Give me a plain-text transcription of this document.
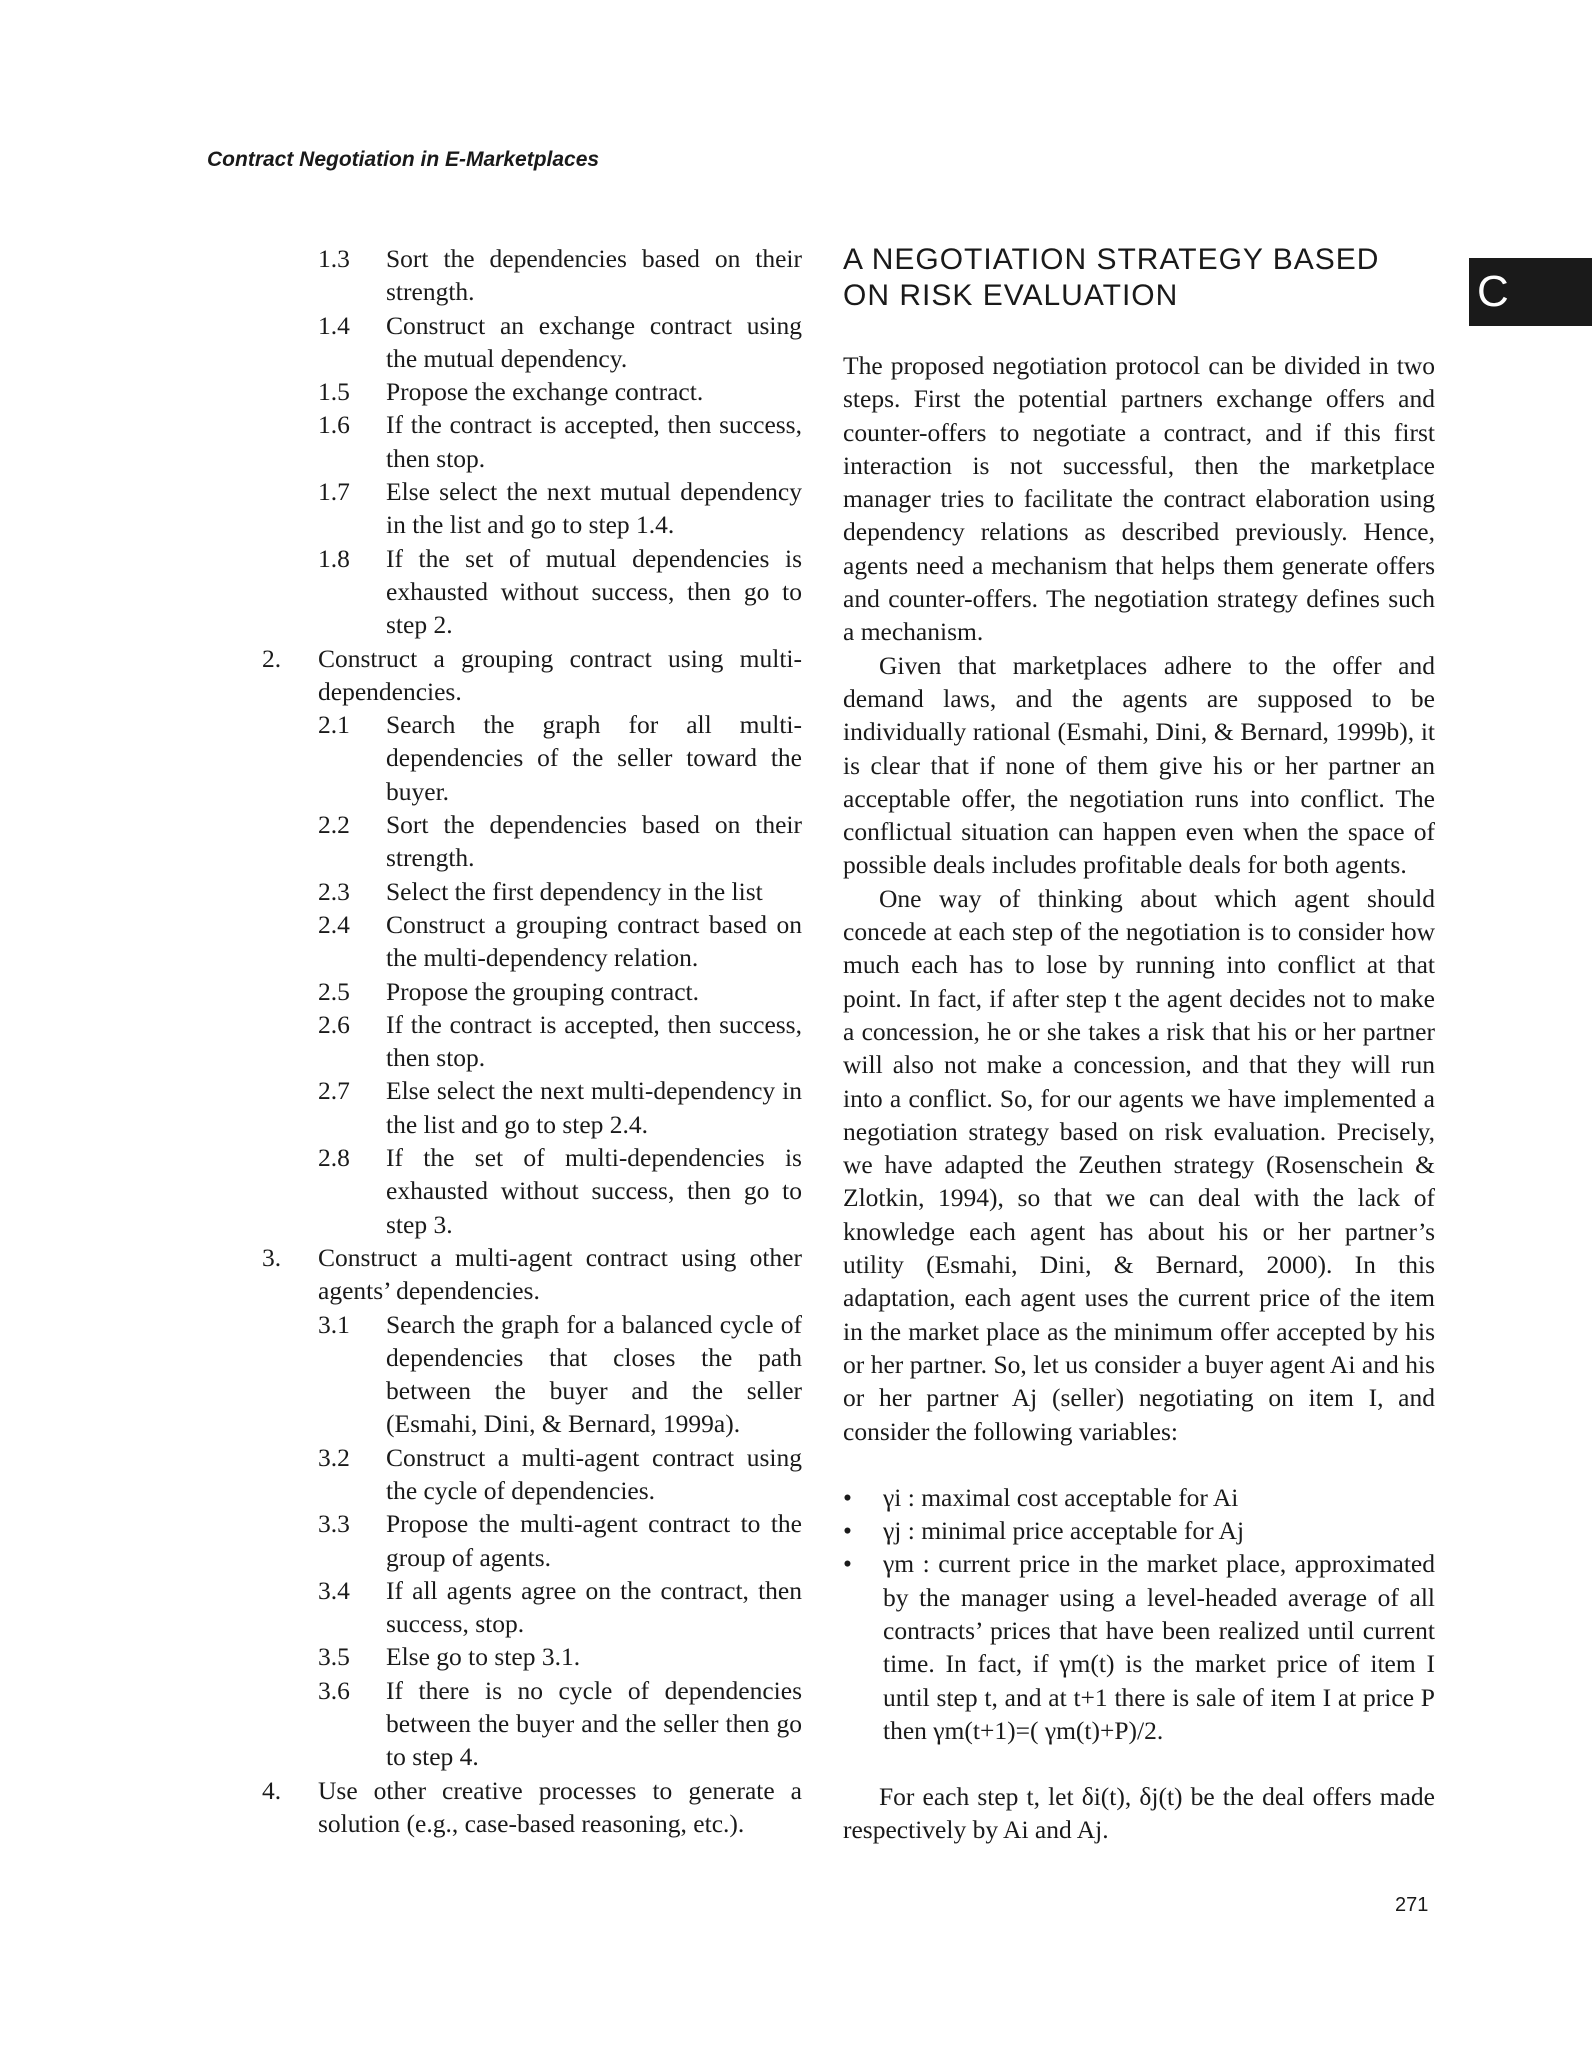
Contract Negotiation in E-Marketplaces
C
1.3	Sort the dependencies based on their strength.
1.4	Construct an exchange contract using the mutual dependency.
1.5	Propose the exchange contract.
1.6	If the contract is accepted, then success, then stop.
1.7	Else select the next mutual dependency in the list and go to step 1.4.
1.8	If the set of mutual dependencies is exhausted without success, then go to step 2.
2.	Construct a grouping contract using multi-dependencies.
2.1	Search the graph for all multi-dependencies of the seller toward the buyer.
2.2	Sort the dependencies based on their strength.
2.3	Select the first dependency in the list
2.4	Construct a grouping contract based on the multi-dependency relation.
2.5	Propose the grouping contract.
2.6	If the contract is accepted, then success, then stop.
2.7	Else select the next multi-dependency in the list and go to step 2.4.
2.8	If the set of multi-dependencies is exhausted without success, then go to step 3.
3.	Construct a multi-agent contract using other agents’ dependencies.
3.1	Search the graph for a balanced cycle of dependencies that closes the path between the buyer and the seller (Esmahi, Dini, & Bernard, 1999a).
3.2	Construct a multi-agent contract using the cycle of dependencies.
3.3	Propose the multi-agent contract to the group of agents.
3.4	If all agents agree on the contract, then success, stop.
3.5	Else go to step 3.1.
3.6	If there is no cycle of dependencies between the buyer and the seller then go to step 4.
4.	Use other creative processes to generate a solution (e.g., case-based reasoning, etc.).
A NEGOTIATION STRATEGY BASED ON RISK EVALUATION

The proposed negotiation protocol can be divided in two steps. First the potential partners exchange offers and counter-offers to negotiate a contract, and if this first interaction is not successful, then the marketplace manager tries to facilitate the contract elaboration using dependency relations as described previously. Hence, agents need a mechanism that helps them generate offers and counter-offers. The negotiation strategy defines such a mechanism.

Given that marketplaces adhere to the offer and demand laws, and the agents are supposed to be individually rational (Esmahi, Dini, & Bernard, 1999b), it is clear that if none of them give his or her partner an acceptable offer, the negotiation runs into conflict. The conflictual situation can happen even when the space of possible deals includes profitable deals for both agents.

One way of thinking about which agent should concede at each step of the negotiation is to consider how much each has to lose by running into conflict at that point. In fact, if after step t the agent decides not to make a concession, he or she takes a risk that his or her partner will also not make a concession, and that they will run into a conflict. So, for our agents we have implemented a negotiation strategy based on risk evaluation. Precisely, we have adapted the Zeuthen strategy (Rosenschein & Zlotkin, 1994), so that we can deal with the lack of knowledge each agent has about his or her partner’s utility (Esmahi, Dini, & Bernard, 2000). In this adaptation, each agent uses the current price of the item in the market place as the minimum offer accepted by his or her partner. So, let us consider a buyer agent Ai and his or her partner Aj (seller) negotiating on item I, and consider the following variables:

•	γi : maximal cost acceptable for Ai
•	γj : minimal price acceptable for Aj
•	γm : current price in the market place, approximated by the manager using a level-headed average of all contracts’ prices that have been realized until current time. In fact, if γm(t) is the market price of item I until step t, and at t+1 there is sale of item I at price P then γm(t+1)=( γm(t)+P)/2.

For each step t, let δi(t), δj(t) be the deal offers made respectively by Ai and Aj.

271
